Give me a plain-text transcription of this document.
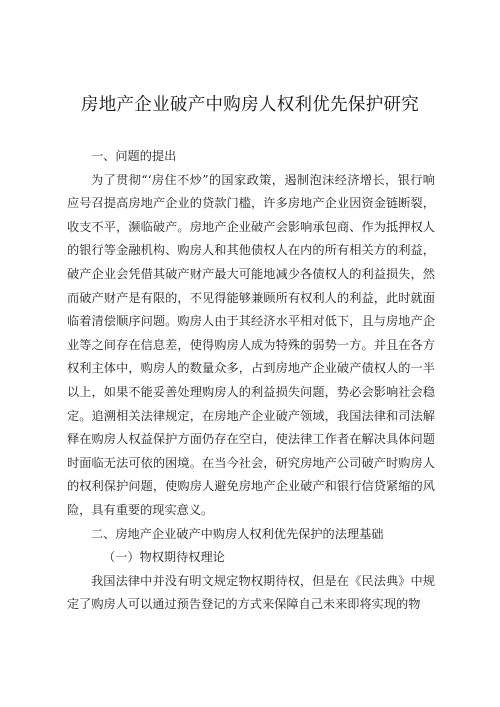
房地产企业破产中购房人权利优先保护研究

一、问题的提出

为了贯彻“‘房住不炒”的国家政策，遏制泡沫经济增长，银行响应号召提高房地产企业的贷款门槛，许多房地产企业因资金链断裂，收支不平，濒临破产。房地产企业破产会影响承包商、作为抵押权人的银行等金融机构、购房人和其他债权人在内的所有相关方的利益，破产企业会凭借其破产财产最大可能地减少各债权人的利益损失，然而破产财产是有限的，不见得能够兼顾所有权利人的利益，此时就面临着清偿顺序问题。购房人由于其经济水平相对低下，且与房地产企业等之间存在信息差，使得购房人成为特殊的弱势一方。并且在各方权利主体中，购房人的数量众多，占到房地产企业破产债权人的一半以上，如果不能妥善处理购房人的利益损失问题，势必会影响社会稳定。追溯相关法律规定，在房地产企业破产领域，我国法律和司法解释在购房人权益保护方面仍存在空白，使法律工作者在解决具体问题时面临无法可依的困境。在当今社会，研究房地产公司破产时购房人的权利保护问题，使购房人避免房地产企业破产和银行信贷紧缩的风险，具有重要的现实意义。

二、房地产企业破产中购房人权利优先保护的法理基础

（一）物权期待权理论

我国法律中并没有明文规定物权期待权，但是在《民法典》中规定了购房人可以通过预告登记的方式来保障自己未来即将实现的物
